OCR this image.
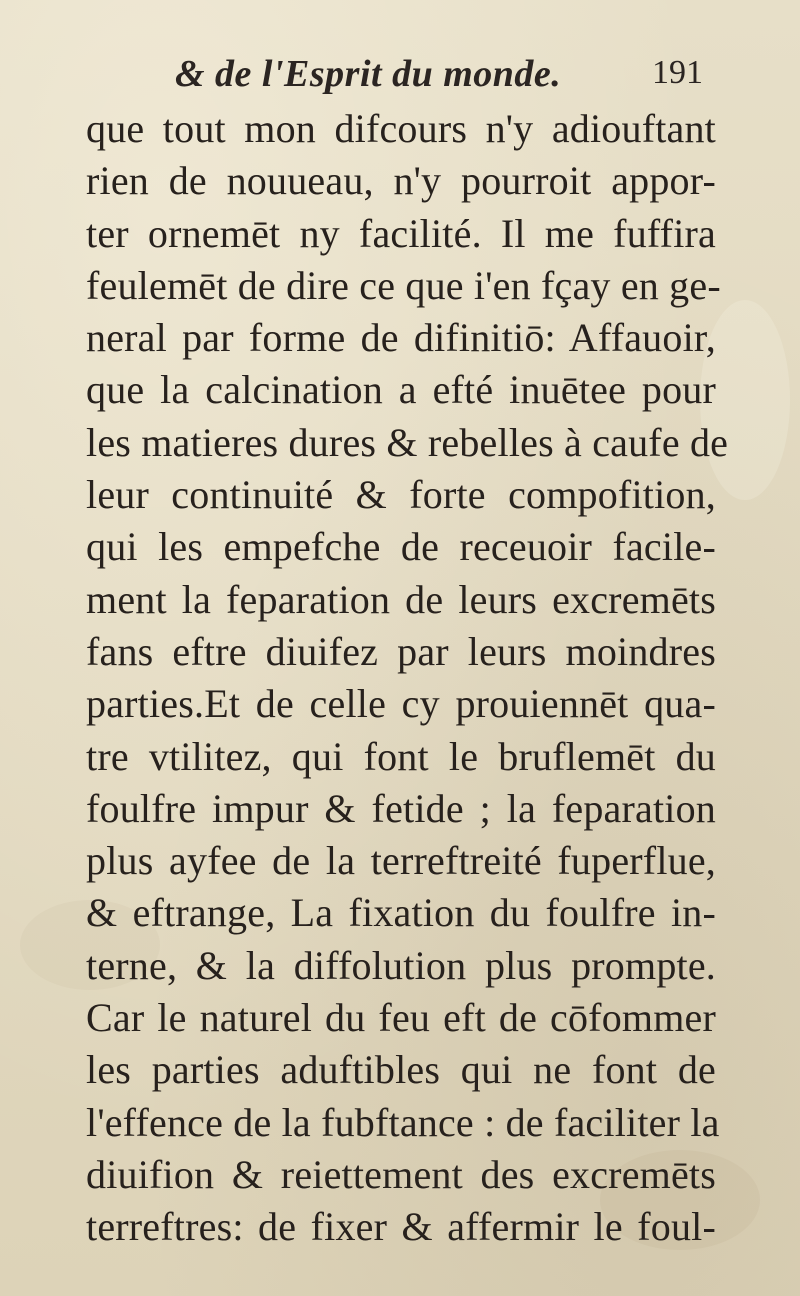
& de l'Esprit du monde.	191
que tout mon difcours n'y adiouftant
rien de nouueau, n'y pourroit appor-
ter ornemēt ny facilité. Il me fuffira
feulemēt de dire ce que i'en fçay en ge-
neral par forme de difinitiō: Affauoir,
que la calcination a efté inuētee pour
les matieres dures & rebelles à caufe de
leur continuité & forte compofition,
qui les empefche de receuoir facile-
ment la feparation de leurs excremēts
fans eftre diuifez par leurs moindres
parties.Et de celle cy prouiennēt qua-
tre vtilitez, qui font le bruflemēt du
foulfre impur & fetide ; la feparation
plus ayfee de la terreftreité fuperflue,
& eftrange, La fixation du foulfre in-
terne, & la diffolution plus prompte.
Car le naturel du feu eft de cōfommer
les parties aduftibles qui ne font de
l'effence de la fubftance : de faciliter la
diuifion & reiettement des excremēts
terreftres: de fixer & affermir le foul-
